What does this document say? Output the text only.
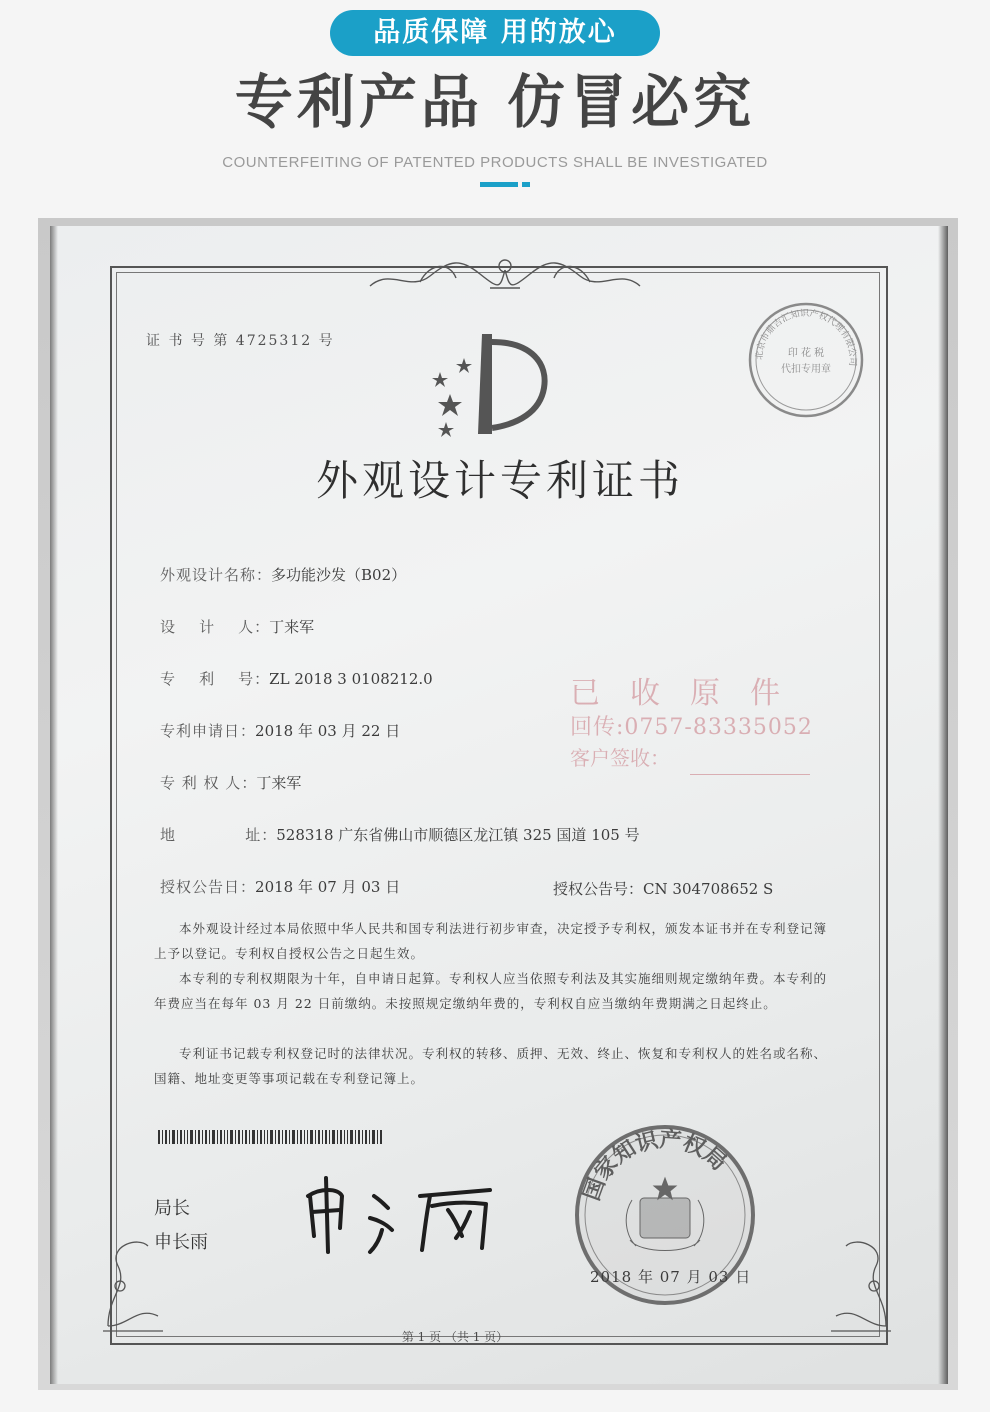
品质保障 用的放心
专利产品 仿冒必究
COUNTERFEITING OF PATENTED PRODUCTS SHALL BE INVESTIGATED
证 书 号 第 4725312 号
北京市鼎吉汇知识产权代理有限公司
印 花 税
代扣专用章
外观设计专利证书
外观设计名称：多功能沙发（B02）
设    计    人：丁来军
专    利    号：ZL 2018 3 0108212.0
专利申请日：2018 年 03 月 22 日
专 利 权 人：丁来军
地            址：528318 广东省佛山市顺德区龙江镇 325 国道 105 号
授权公告日：2018 年 07 月 03 日	授权公告号：CN 304708652 S
已收原件
回传:0757-83335052
客户签收：
本外观设计经过本局依照中华人民共和国专利法进行初步审查，决定授予专利权，颁发本证书并在专利登记簿上予以登记。专利权自授权公告之日起生效。
本专利的专利权期限为十年，自申请日起算。专利权人应当依照专利法及其实施细则规定缴纳年费。本专利的年费应当在每年 03 月 22 日前缴纳。未按照规定缴纳年费的，专利权自应当缴纳年费期满之日起终止。
专利证书记载专利权登记时的法律状况。专利权的转移、质押、无效、终止、恢复和专利权人的姓名或名称、国籍、地址变更等事项记载在专利登记簿上。
局长
申长雨
国家知识产权局
2018 年 07 月 03 日
第 1 页 （共 1 页）
